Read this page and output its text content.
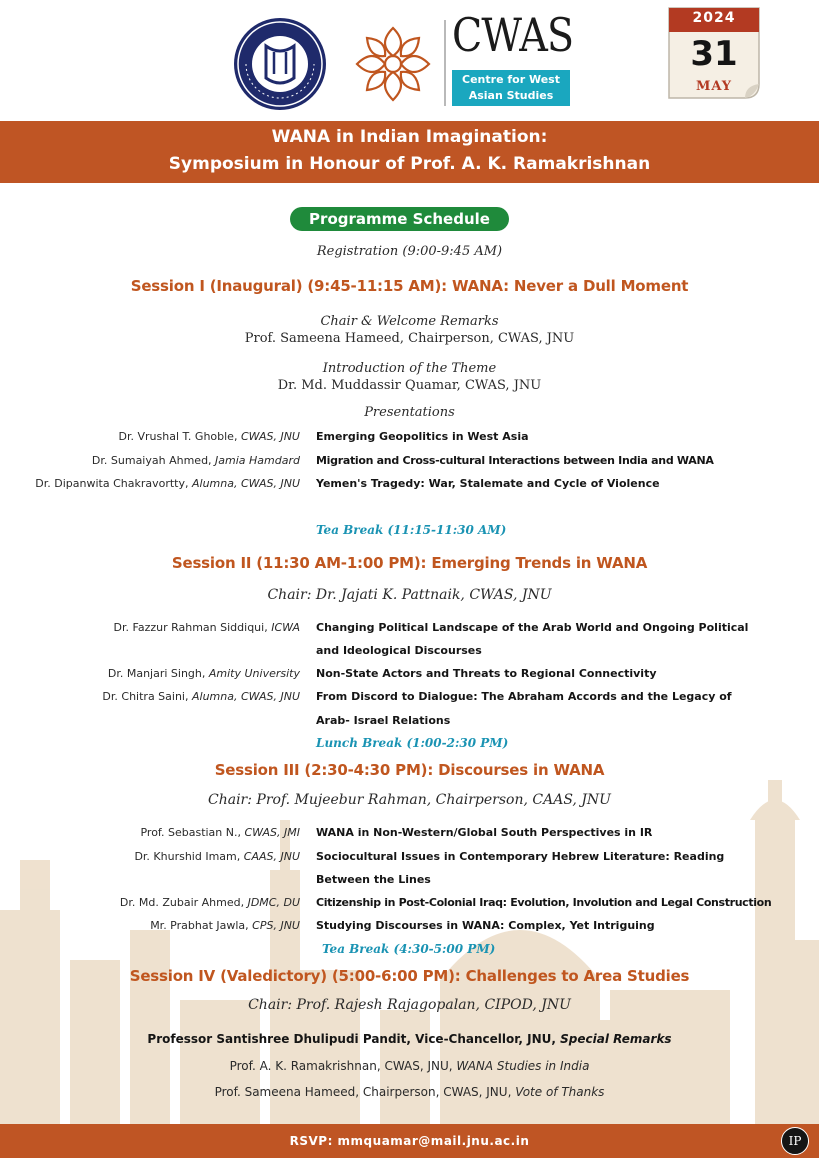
CWAS
Centre for West
Asian Studies
2024
31
MAY
WANA in Indian Imagination:
Symposium in Honour of Prof. A. K. Ramakrishnan
Programme Schedule
Registration (9:00-9:45 AM)
Session I (Inaugural) (9:45-11:15 AM): WANA: Never a Dull Moment
Chair & Welcome Remarks
Prof. Sameena Hameed, Chairperson, CWAS, JNU
Introduction of the Theme
Dr. Md. Muddassir Quamar, CWAS, JNU
Presentations
Dr. Vrushal T. Ghoble, CWAS, JNU Emerging Geopolitics in West Asia
Dr. Sumaiyah Ahmed, Jamia Hamdard Migration and Cross-cultural Interactions between India and WANA
Dr. Dipanwita Chakravortty, Alumna, CWAS, JNU Yemen's Tragedy: War, Stalemate and Cycle of Violence
Tea Break (11:15-11:30 AM)
Session II (11:30 AM-1:00 PM): Emerging Trends in WANA
Chair: Dr. Jajati K. Pattnaik, CWAS, JNU
Dr. Fazzur Rahman Siddiqui, ICWA Changing Political Landscape of the Arab World and Ongoing Political
and Ideological Discourses
Dr. Manjari Singh, Amity University Non-State Actors and Threats to Regional Connectivity
Dr. Chitra Saini, Alumna, CWAS, JNU From Discord to Dialogue: The Abraham Accords and the Legacy of
Arab- Israel Relations
Lunch Break (1:00-2:30 PM)
Session III (2:30-4:30 PM): Discourses in WANA
Chair: Prof. Mujeebur Rahman, Chairperson, CAAS, JNU
Prof. Sebastian N., CWAS, JMI WANA in Non-Western/Global South Perspectives in IR
Dr. Khurshid Imam, CAAS, JNU Sociocultural Issues in Contemporary Hebrew Literature: Reading
Between the Lines
Dr. Md. Zubair Ahmed, JDMC, DU Citizenship in Post-Colonial Iraq: Evolution, Involution and Legal Construction
Mr. Prabhat Jawla, CPS, JNU Studying Discourses in WANA: Complex, Yet Intriguing
Tea Break (4:30-5:00 PM)
Session IV (Valedictory) (5:00-6:00 PM): Challenges to Area Studies
Chair: Prof. Rajesh Rajagopalan, CIPOD, JNU
Professor Santishree Dhulipudi Pandit, Vice-Chancellor, JNU, Special Remarks
Prof. A. K. Ramakrishnan, CWAS, JNU, WANA Studies in India
Prof. Sameena Hameed, Chairperson, CWAS, JNU, Vote of Thanks
RSVP: mmquamar@mail.jnu.ac.in	IP
